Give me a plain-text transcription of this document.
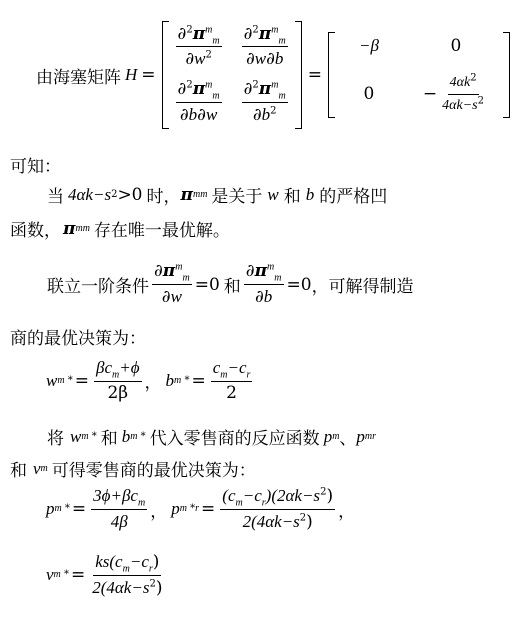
由海塞矩阵 H =
$\frac{\partial^2\pi^m_m}{\partial w^2} \frac{\partial^2\pi^m_m}{\partial w\partial b}$
$\frac{\partial^2\pi^m_m}{\partial b\partial w} \frac{\partial^2\pi^m_m}{\partial b^2}$
=
−β	0
0	− $\frac{4\alpha k^2}{4\alpha k-s^2}$
可知：
当 4αk−s 2 >0 时， π m m 是关于 w 和 b 的严格凹
函数， π m m 存在唯一最优解。
联立一阶条件 $\frac{\partial\pi^m_m}{\partial w} =0$ 和 $\frac{\partial\pi^m_m}{\partial b} =0$ ，可解得制造
商的最优决策为：
w m * = $\frac{\beta c_m+\phi}{2\beta}$ ， b m * = $\frac{c_m-c_r}{2}$
将 w m * 和 b m * 代入零售商的反应函数 p m 、 p m r
和 v m 可得零售商的最优决策为：
p m * = $\frac{3\phi+\beta c_m}{4\beta}$ ， p $m * r = \frac{(c_m-c_r)(2\alpha k-s^2)}{2(4\alpha k-s^2)}$ ，
v m * = $\frac{ks(c_m-c_r)}{2(4\alpha k-s^2)}$
